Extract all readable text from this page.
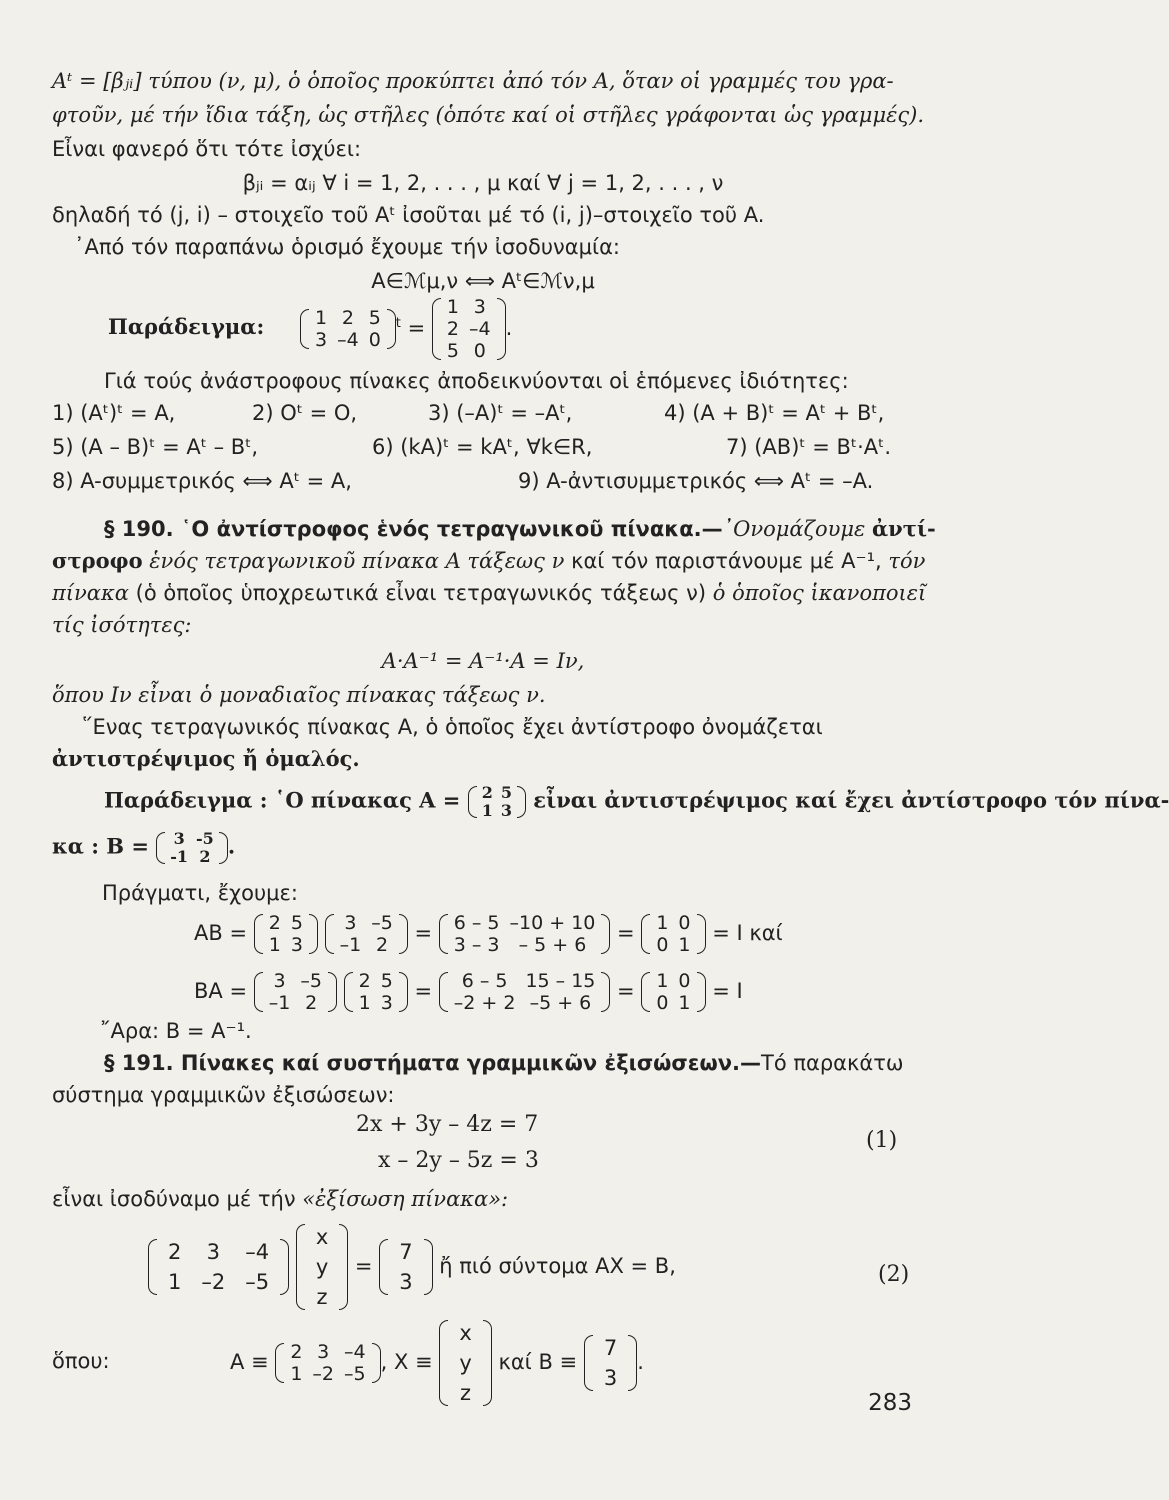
Aᵗ = [βⱼᵢ] τύπου (ν, μ), ὁ ὁποῖος προκύπτει ἀπό τόν A, ὅταν οἱ γραμμές του γρα-
φτοῦν, μέ τήν ἴδια τάξη, ὡς στῆλες (ὁπότε καί οἱ στῆλες γράφονται ὡς γραμμές).
Εἶναι φανερό ὅτι τότε ἰσχύει:
βⱼᵢ = αᵢⱼ ∀ i = 1, 2, . . . , μ καί ∀ j = 1, 2, . . . , ν
δηλαδή τό (j, i) – στοιχεῖο τοῦ Aᵗ ἰσοῦται μέ τό (i, j)–στοιχεῖο τοῦ A.
᾿Από τόν παραπάνω ὁρισμό ἔχουμε τήν ἰσοδυναμία:
A∈ℳμ,ν ⟺ Aᵗ∈ℳν,μ
Παράδειγμα:	1	2	5
3	–4	0
$^t$ =
1	3
2	–4
5	0
.
Γιά τούς ἀνάστροφους πίνακες ἀποδεικνύονται οἱ ἑπόμενες ἰδιότητες:
1) (Aᵗ)ᵗ = A,	2) Oᵗ = O,	3) (–A)ᵗ = –Aᵗ,	4) (A + B)ᵗ = Aᵗ + Bᵗ,
5) (A – B)ᵗ = Aᵗ – Bᵗ,	6) (kA)ᵗ = kAᵗ, ∀k∈R,	7) (AB)ᵗ = Bᵗ·Aᵗ.
8) A-συμμετρικός ⟺ Aᵗ = A,	9) A-ἀντισυμμετρικός ⟺ Aᵗ = –A.
§ 190. ῾Ο ἀντίστροφος ἑνός τετραγωνικοῦ πίνακα.—᾿Ονομάζουμε ἀντί-
στροφο ἑνός τετραγωνικοῦ πίνακα A τάξεως ν καί τόν παριστάνουμε μέ A⁻¹, τόν
πίνακα (ὁ ὁποῖος ὑποχρεωτικά εἶναι τετραγωνικός τάξεως ν) ὁ ὁποῖος ἱκανοποιεῖ
τίς ἰσότητες:
A·A⁻¹ = A⁻¹·A = Iν,
ὅπου Iν εἶναι ὁ μοναδιαῖος πίνακας τάξεως ν.
῞Ενας τετραγωνικός πίνακας A, ὁ ὁποῖος ἔχει ἀντίστροφο ὀνομάζεται
ἀντιστρέψιμος ἤ ὁμαλός.
Παράδειγμα : ῾Ο πίνακας A = 2	5
1	3 εἶναι ἀντιστρέψιμος καί ἔχει ἀντίστροφο τόν πίνα-
κα : B = 3	-5
-1	2 .
Πράγματι, ἔχουμε:
AB = 2	5
1	3

3	–5
–1	2 = 6 – 5	–10 + 10
3 – 3	– 5 + 6 = 1	0
0	1 = I καί
BA = 3	–5
–1	2

2	5
1	3 = 6 – 5	15 – 15
–2 + 2	–5 + 6 = 1	0
0	1 = I
῎Αρα: B = A⁻¹.
§ 191. Πίνακες καί συστήματα γραμμικῶν ἐξισώσεων.—Τό παρακάτω
σύστημα γραμμικῶν ἐξισώσεων:
2x + 3y – 4z = 7
x – 2y – 5z = 3
(1)
εἶναι ἰσοδύναμο μέ τήν «ἐξίσωση πίνακα»:
2	3	–4
1	–2	–5

x
y
z
=
7
3
ἤ πιό σύντομα AX = B,	(2)
ὅπου:	A ≡ 2	3	–4
1	–2	–5 , X ≡
x
y
z
καί B ≡
7
3
.
283
